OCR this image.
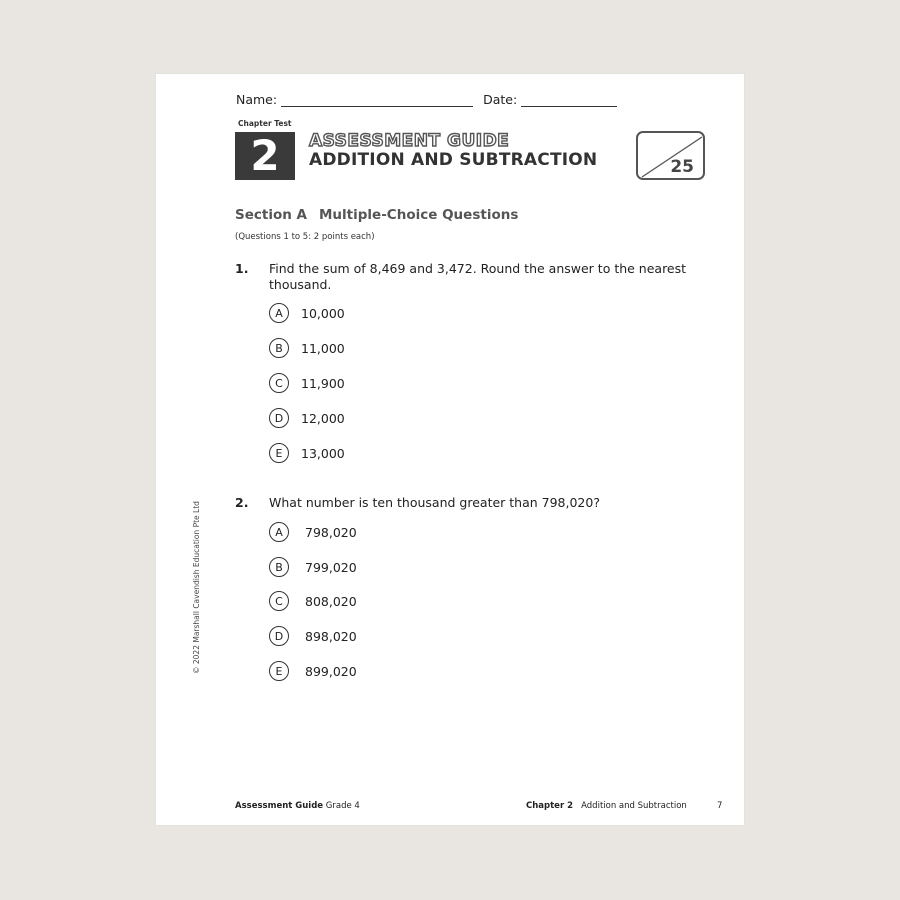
Name:	Date:
Chapter Test
2	ASSESSMENT GUIDE
ADDITION AND SUBTRACTION	25
Section A Multiple-Choice Questions
(Questions 1 to 5: 2 points each)
1. Find the sum of 8,469 and 3,472. Round the answer to the nearest thousand.
A	10,000
B	11,000
C	11,900
D	12,000
E	13,000
2. What number is ten thousand greater than 798,020?
A	798,020
B	799,020
C	808,020
D	898,020
E	899,020
© 2022 Marshall Cavendish Education Pte Ltd
Assessment Guide Grade 4	Chapter 2 Addition and Subtraction	7
